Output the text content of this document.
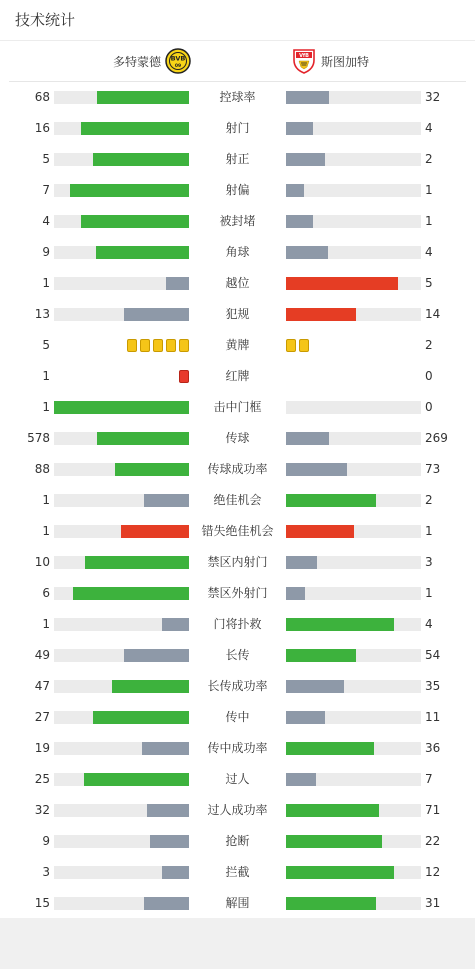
技术统计
多特蒙德 BVB
09
VfB 斯图加特
68	控球率	32
16	射门	4
5	射正	2
7	射偏	1
4	被封堵	1
9	角球	4
1	越位	5
13	犯规	14
5	黄牌	2
1	红牌	0
1	击中门框	0
578	传球	269
88	传球成功率	73
1	绝佳机会	2
1	错失绝佳机会	1
10	禁区内射门	3
6	禁区外射门	1
1	门将扑救	4
49	长传	54
47	长传成功率	35
27	传中	11
19	传中成功率	36
25	过人	7
32	过人成功率	71
9	抢断	22
3	拦截	12
15	解围	31
